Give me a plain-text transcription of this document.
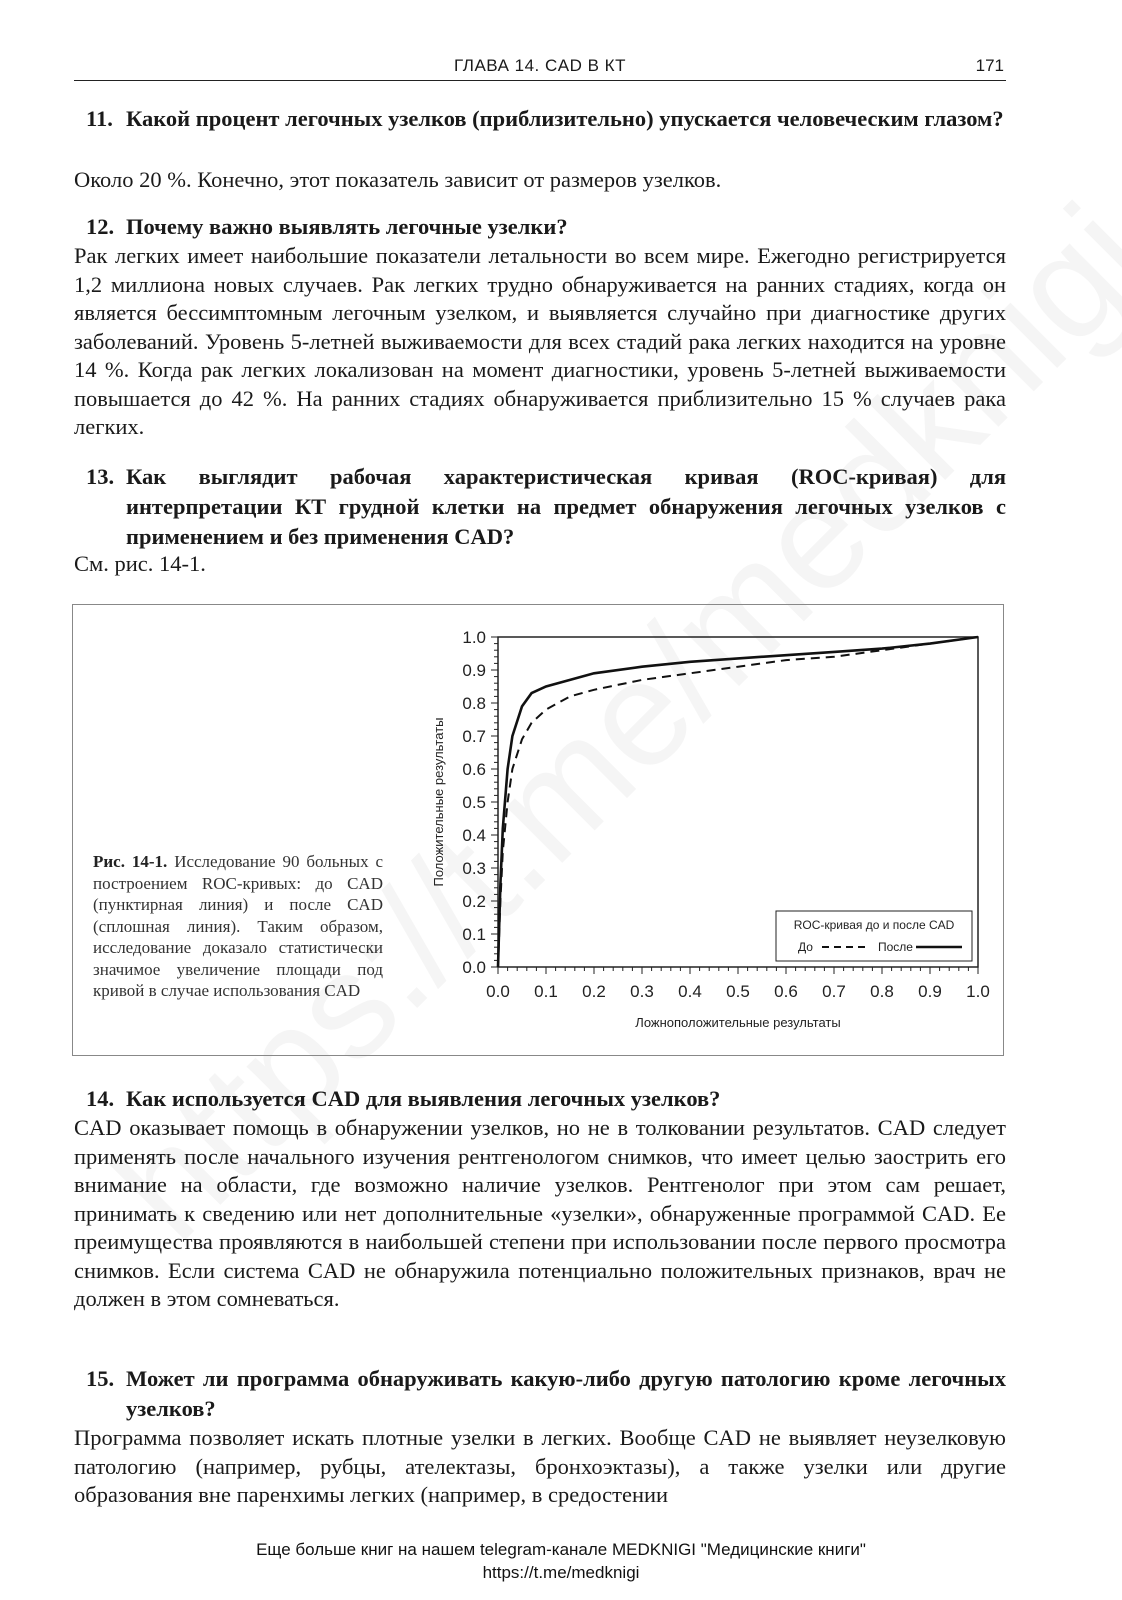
ГЛАВА 14. CAD В КТ	171
11. Какой процент легочных узелков (приблизительно) упускается человеческим глазом?
Около 20 %. Конечно, этот показатель зависит от размеров узелков.
12. Почему важно выявлять легочные узелки?
Рак легких имеет наибольшие показатели летальности во всем мире. Ежегодно регистрируется 1,2 миллиона новых случаев. Рак легких трудно обнаруживается на ранних стадиях, когда он является бессимптомным легочным узелком, и выявляется случайно при диагностике других заболеваний. Уровень 5-летней выживаемости для всех стадий рака легких находится на уровне 14 %. Когда рак легких локализован на момент диагностики, уровень 5-летней выживаемости повышается до 42 %. На ранних стадиях обнаруживается приблизительно 15 % случаев рака легких.
13. Как выглядит рабочая характеристическая кривая (ROC-кривая) для интерпретации КТ грудной клетки на предмет обнаружения легочных узелков с применением и без применения CAD?
См. рис. 14-1.
Рис. 14-1. Исследование 90 больных с построением ROC-кривых: до CAD (пунктирная линия) и после CAD (сплошная линия). Таким образом, исследование доказало статистически значимое увеличение площади под кривой в случае использования CAD	0.0 0.1 0.2 0.3 0.4 0.5 0.6 0.7 0.8 0.9 1.0
0.0
0.1
0.2
0.3
0.4
0.5
0.6
0.7
0.8
0.9
1.0
Ложноположительные результаты
Положительные результаты
ROC-кривая до и после CAD
До	После
14. Как используется CAD для выявления легочных узелков?
CAD оказывает помощь в обнаружении узелков, но не в толковании результатов. CAD следует применять после начального изучения рентгенологом снимков, что имеет целью заострить его внимание на области, где возможно наличие узелков. Рентгенолог при этом сам решает, принимать к сведению или нет дополнительные «узелки», обнаруженные программой CAD. Ее преимущества проявляются в наибольшей степени при использовании после первого просмотра снимков. Если система CAD не обнаружила потенциально положительных признаков, врач не должен в этом сомневаться.
15. Может ли программа обнаруживать какую-либо другую патологию кроме легочных узелков?
Программа позволяет искать плотные узелки в легких. Вообще CAD не выявляет неузелковую патологию (например, рубцы, ателектазы, бронхоэктазы), а также узелки или другие образования вне паренхимы легких (например, в средостении
Еще больше книг на нашем telegram-канале MEDKNIGI "Медицинские книги"
https://t.me/medknigi
